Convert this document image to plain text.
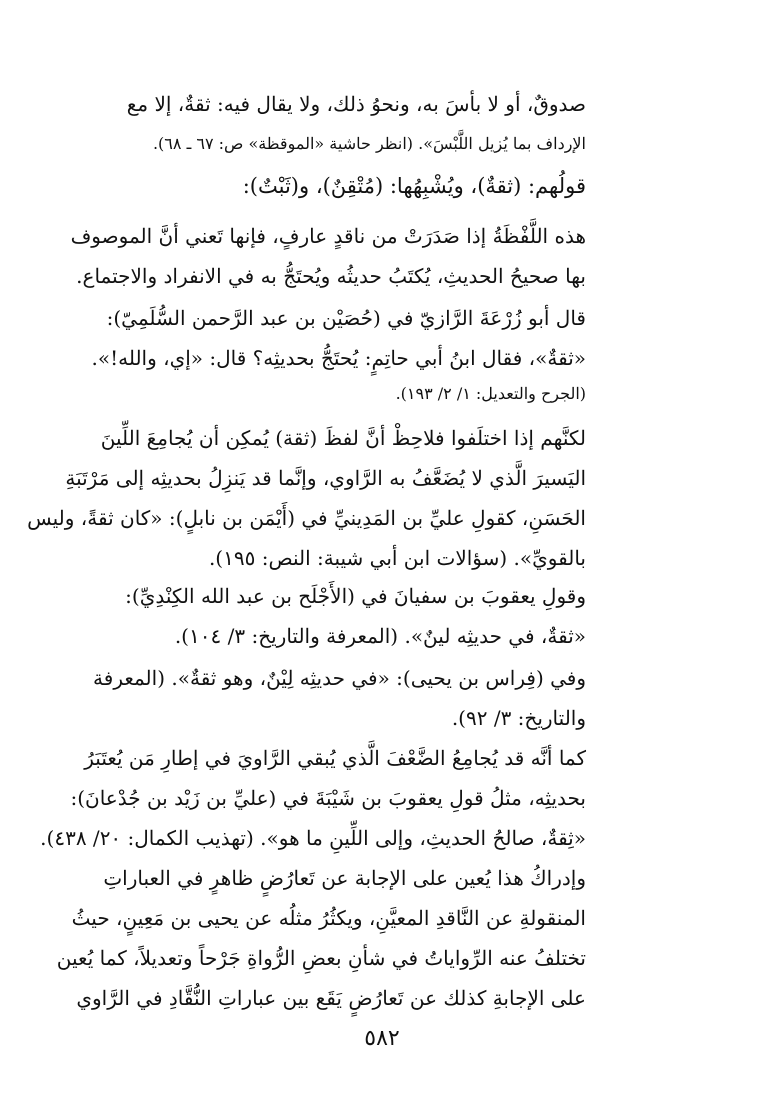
صدوقٌ، أو لا بأسَ به، ونحوُ ذلك، ولا يقال فيه: ثقةٌ، إلا مع
الإرداف بما يُزيل اللَّبْسَ». (انظر حاشية «الموقظة» ص: ٦٧ ـ ٦٨).
قولُهم: (ثقةٌ)، ويُشْبِهُها: (مُتْقِنٌ)، و(ثَبْتٌ):
هذه اللَّفْظَةُ إذا صَدَرَتْ من ناقدٍ عارفٍ، فإنها تَعني أنَّ الموصوف
بها صحيحُ الحديثِ، يُكتَبُ حديثُه ويُحتَجُّ به في الانفراد والاجتماع.
قال أبو زُرْعَةَ الرَّازيّ في (حُصَيْن بن عبد الرَّحمن السُّلَمِيّ):
«ثقةٌ»، فقال ابنُ أبي حاتِمٍ: يُحتَجُّ بحديثِه؟ قال: «إي، والله!».
(الجرح والتعديل: ١/ ٢/ ١٩٣).
لكنَّهم إذا اختلَفوا فلاحِظْ أنَّ لفظَ (ثقة) يُمكِن أن يُجامِعَ اللِّينَ
اليَسيرَ الَّذي لا يُضَعَّفُ به الرَّاوي، وإنَّما قد يَنزِلُ بحديثِه إلى مَرْتَبَةِ
الحَسَنِ، كقولِ عليِّ بن المَدِينيِّ في (أَيْمَن بن نابلٍ): «كان ثقةً، وليس
بالقويِّ». (سؤالات ابن أبي شيبة: النص: ١٩٥).
وقولِ يعقوبَ بن سفيانَ في (الأَجْلَح بن عبد الله الكِنْدِيِّ):
«ثقةٌ، في حديثِه لينٌ». (المعرفة والتاريخ: ٣/ ١٠٤).
وفي (فِراس بن يحيى): «في حديثِه لِيْنٌ، وهو ثقةٌ». (المعرفة
والتاريخ: ٣/ ٩٢).
كما أنَّه قد يُجامِعُ الضَّعْفَ الَّذي يُبقي الرَّاويَ في إطارِ مَن يُعتَبَرُ
بحديثِه، مثلُ قولِ يعقوبَ بن شَيْبَةَ في (عليِّ بن زَيْد بن جُدْعانَ):
«ثِقةٌ، صالحُ الحديثِ، وإلى اللِّينِ ما هو». (تهذيب الكمال: ٢٠/ ٤٣٨).
وإدراكُ هذا يُعين على الإجابة عن تَعارُضٍ ظاهرٍ في العباراتِ
المنقولةِ عن النَّاقدِ المعيَّنِ، ويكثُرُ مثلُه عن يحيى بن مَعِينٍ، حيثُ
تختلفُ عنه الرِّواياتُ في شأنِ بعضِ الرُّواةِ جَرْحاً وتعديلاً، كما يُعين
على الإجابةِ كذلك عن تَعارُضٍ يَقَع بين عباراتِ النُّقَّادِ في الرَّاوي
٥٨٢
